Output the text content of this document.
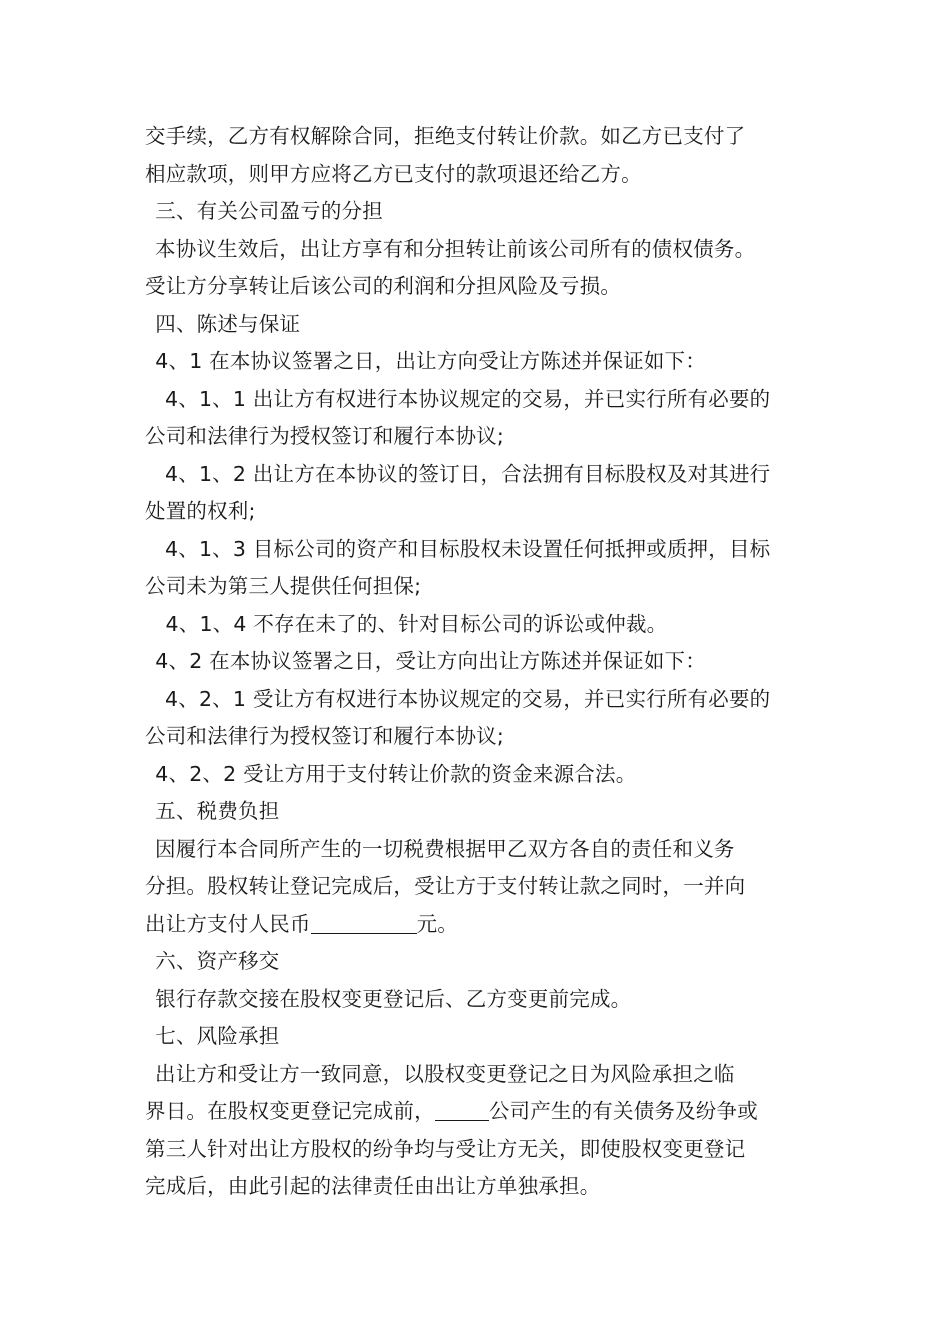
交手续，乙方有权解除合同，拒绝支付转让价款。如乙方已支付了
相应款项，则甲方应将乙方已支付的款项退还给乙方。

三、有关公司盈亏的分担

本协议生效后，出让方享有和分担转让前该公司所有的债权债务。
受让方分享转让后该公司的利润和分担风险及亏损。

四、陈述与保证

4、1 在本协议签署之日，出让方向受让方陈述并保证如下：

4、1、1 出让方有权进行本协议规定的交易，并已实行所有必要的
公司和法律行为授权签订和履行本协议;

4、1、2 出让方在本协议的签订日，合法拥有目标股权及对其进行
处置的权利;

4、1、3 目标公司的资产和目标股权未设置任何抵押或质押，目标
公司未为第三人提供任何担保;

4、1、4 不存在未了的、针对目标公司的诉讼或仲裁。

4、2 在本协议签署之日，受让方向出让方陈述并保证如下：

4、2、1 受让方有权进行本协议规定的交易，并已实行所有必要的
公司和法律行为授权签订和履行本协议;

4、2、2 受让方用于支付转让价款的资金来源合法。

五、税费负担

因履行本合同所产生的一切税费根据甲乙双方各自的责任和义务
分担。股权转让登记完成后，受让方于支付转让款之同时，一并向
出让方支付人民币	元。

六、资产移交

银行存款交接在股权变更登记后、乙方变更前完成。

七、风险承担

出让方和受让方一致同意，以股权变更登记之日为风险承担之临
界日。在股权变更登记完成前，	公司产生的有关债务及纷争或
第三人针对出让方股权的纷争均与受让方无关，即使股权变更登记
完成后，由此引起的法律责任由出让方单独承担。
